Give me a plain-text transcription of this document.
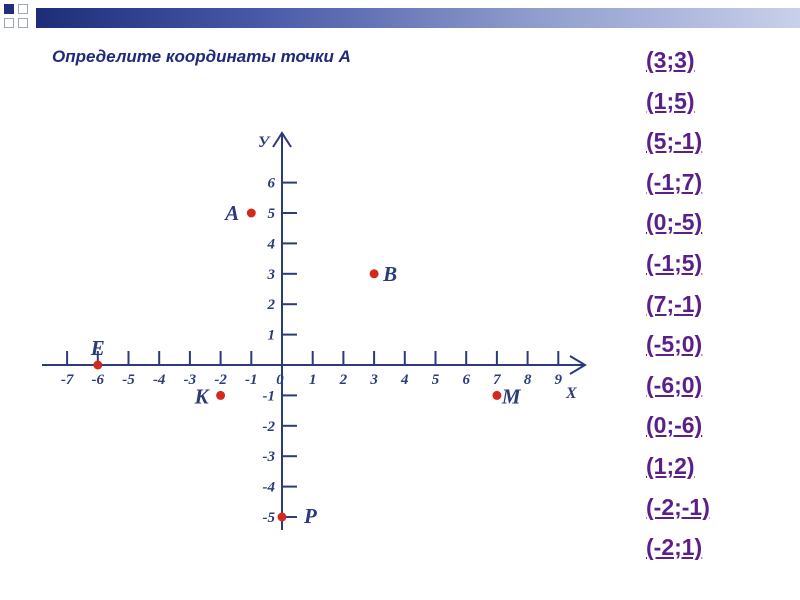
Определите координаты точки А
-7 -6 -5 -4 -3 -2 -1 0 1 2 3 4 5 6 7 8 9
6
5
4
3
2
1
-1
-2
-3
-4
-5
X
У
A
B
E
K	M
P
(3;3)
(1;5)
(5;-1)
(-1;7)
(0;-5)
(-1;5)
(7;-1)
(-5;0)
(-6;0)
(0;-6)
(1;2)
(-2;-1)
(-2;1)
